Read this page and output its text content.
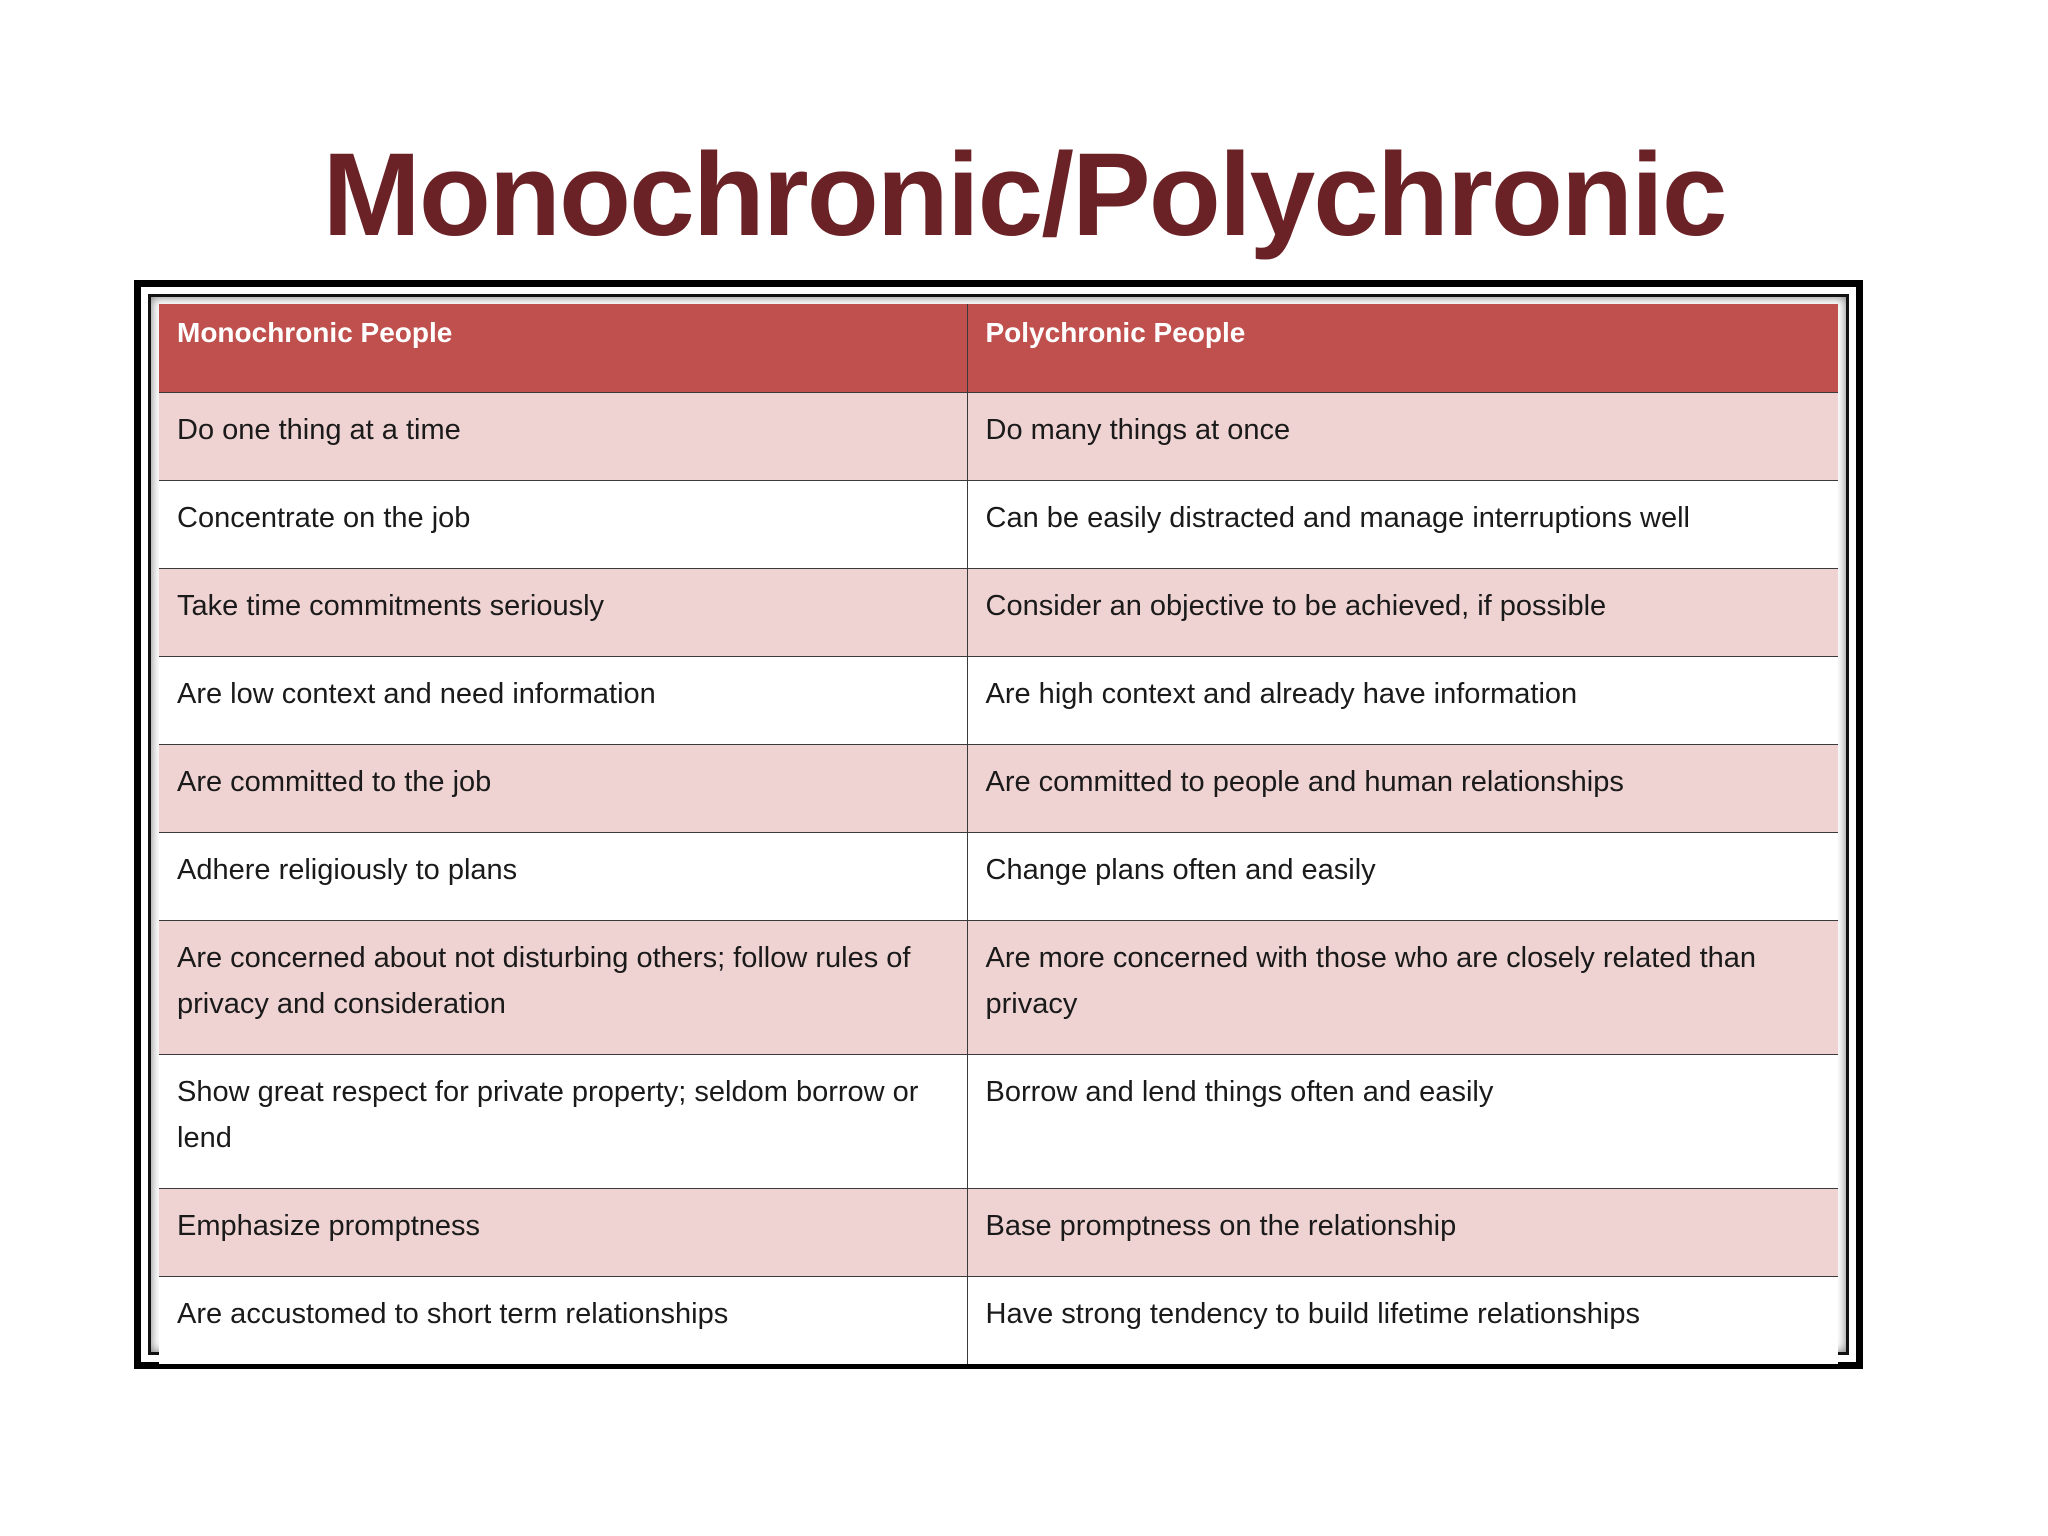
Monochronic/Polychronic
Monochronic People	Polychronic People
Do one thing at a time	Do many things at once
Concentrate on the job	Can be easily distracted and manage interruptions well
Take time commitments seriously	Consider an objective to be achieved, if possible
Are low context and need information	Are high context and already have information
Are committed to the job	Are committed to people and human relationships
Adhere religiously to plans	Change plans often and easily
Are concerned about not disturbing others; follow rules of privacy and consideration	Are more concerned with those who are closely related than privacy
Show great respect for private property; seldom borrow or lend	Borrow and lend things often and easily
Emphasize promptness	Base promptness on the relationship
Are accustomed to short term relationships	Have strong tendency to build lifetime relationships
